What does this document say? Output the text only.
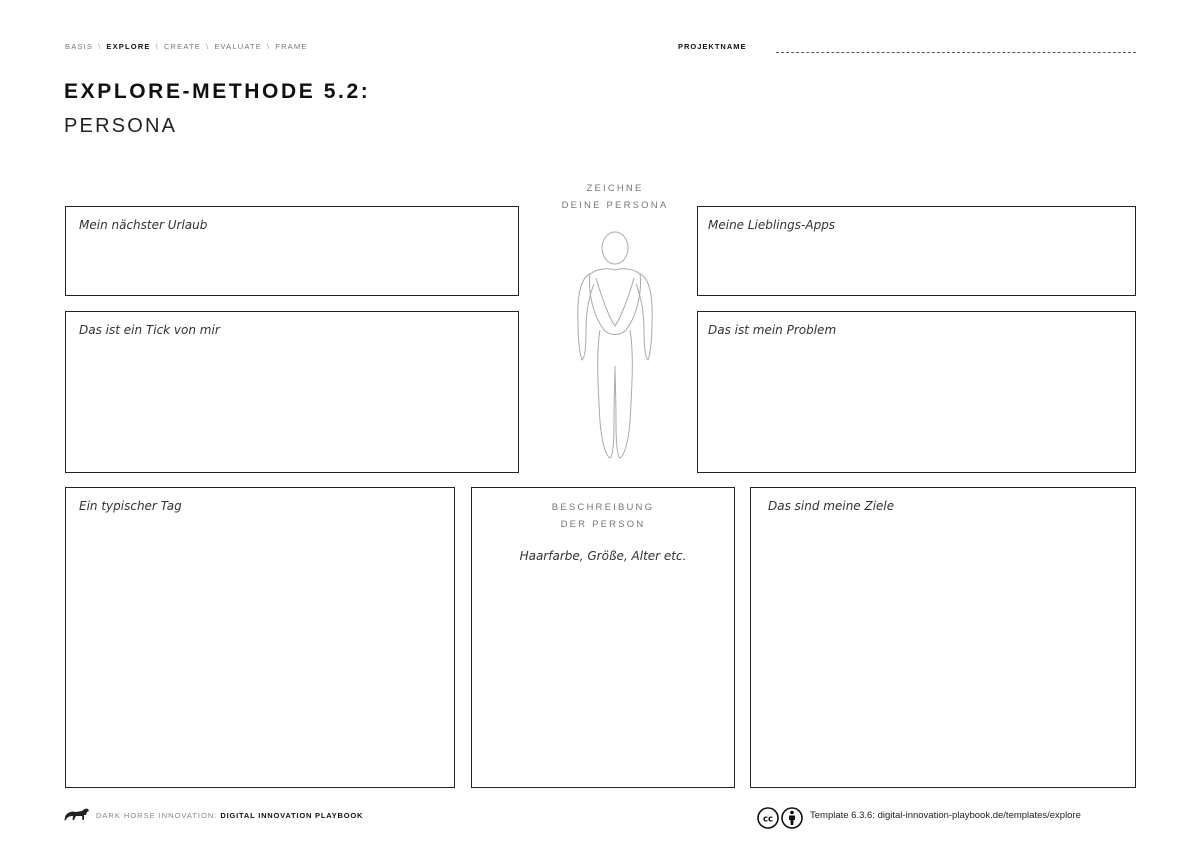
BASIS \ EXPLORE \ CREATE \ EVALUATE \ FRAME	PROJEKTNAME
EXPLORE-METHODE 5.2:
PERSONA
ZEICHNE
DEINE PERSONA
Mein nächster Urlaub
Das ist ein Tick von mir
Meine Lieblings-Apps
Das ist mein Problem
Ein typischer Tag	BESCHREIBUNG
DER PERSON
Haarfarbe, Größe, Alter etc.
Das sind meine Ziele
DARK HORSE INNOVATION: DIGITAL INNOVATION PLAYBOOK	cc	Template 6.3.6: digital-innovation-playbook.de/templates/explore
